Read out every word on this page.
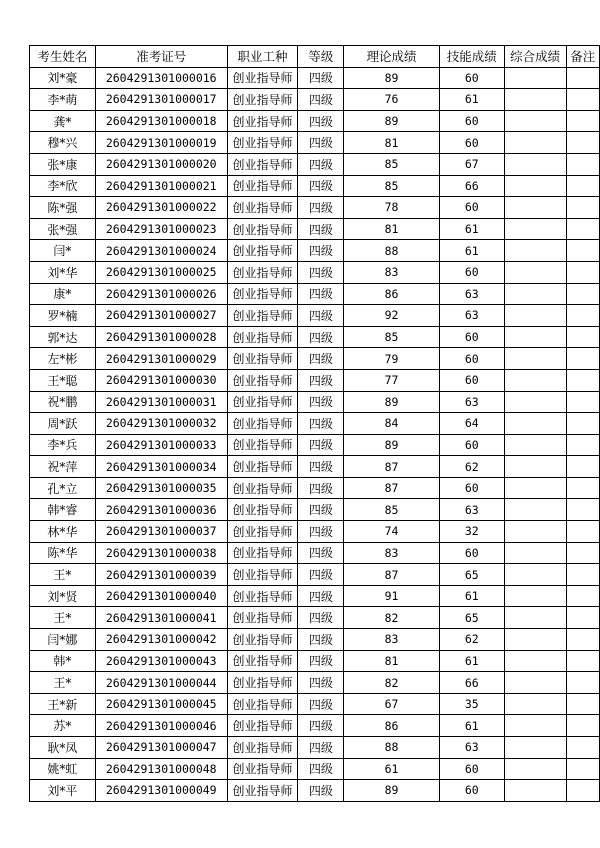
考生姓名	准考证号	职业工种	等级	理论成绩	技能成绩	综合成绩	备注
刘*豪	2604291301000016	创业指导师	四级	89	60		
李*萌	2604291301000017	创业指导师	四级	76	61		
龚*	2604291301000018	创业指导师	四级	89	60		
穆*兴	2604291301000019	创业指导师	四级	81	60		
张*康	2604291301000020	创业指导师	四级	85	67		
李*欣	2604291301000021	创业指导师	四级	85	66		
陈*强	2604291301000022	创业指导师	四级	78	60		
张*强	2604291301000023	创业指导师	四级	81	61		
闫*	2604291301000024	创业指导师	四级	88	61		
刘*华	2604291301000025	创业指导师	四级	83	60		
康*	2604291301000026	创业指导师	四级	86	63		
罗*楠	2604291301000027	创业指导师	四级	92	63		
郭*达	2604291301000028	创业指导师	四级	85	60		
左*彬	2604291301000029	创业指导师	四级	79	60		
王*聪	2604291301000030	创业指导师	四级	77	60		
祝*鹏	2604291301000031	创业指导师	四级	89	63		
周*跃	2604291301000032	创业指导师	四级	84	64		
李*兵	2604291301000033	创业指导师	四级	89	60		
祝*萍	2604291301000034	创业指导师	四级	87	62		
孔*立	2604291301000035	创业指导师	四级	87	60		
韩*睿	2604291301000036	创业指导师	四级	85	63		
林*华	2604291301000037	创业指导师	四级	74	32		
陈*华	2604291301000038	创业指导师	四级	83	60		
王*	2604291301000039	创业指导师	四级	87	65		
刘*贤	2604291301000040	创业指导师	四级	91	61		
王*	2604291301000041	创业指导师	四级	82	65		
闫*娜	2604291301000042	创业指导师	四级	83	62		
韩*	2604291301000043	创业指导师	四级	81	61		
王*	2604291301000044	创业指导师	四级	82	66		
王*新	2604291301000045	创业指导师	四级	67	35		
苏*	2604291301000046	创业指导师	四级	86	61		
耿*凤	2604291301000047	创业指导师	四级	88	63		
姚*虹	2604291301000048	创业指导师	四级	61	60		
刘*平	2604291301000049	创业指导师	四级	89	60		
